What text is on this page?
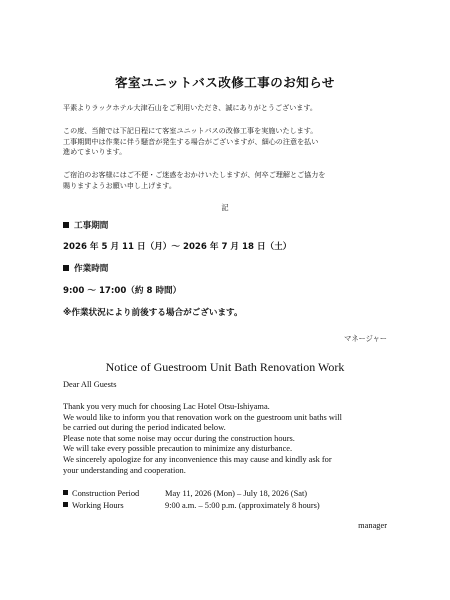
客室ユニットバス改修工事のお知らせ
平素よりラックホテル大津石山をご利用いただき、誠にありがとうございます。
この度、当館では下記日程にて客室ユニットバスの改修工事を実施いたします。
工事期間中は作業に伴う騒音が発生する場合がございますが、細心の注意を払い
進めてまいります。
ご宿泊のお客様にはご不便・ご迷惑をおかけいたしますが、何卒ご理解とご協力を
賜りますようお願い申し上げます。
記
工事期間
2026 年 5 月 11 日（月）〜 2026 年 7 月 18 日（土）
作業時間
9:00 〜 17:00（約 8 時間）
※作業状況により前後する場合がございます。
マネージャー
Notice of Guestroom Unit Bath Renovation Work
Dear All Guests
Thank you very much for choosing Lac Hotel Otsu-Ishiyama.
We would like to inform you that renovation work on the guestroom unit baths will
be carried out during the period indicated below.
Please note that some noise may occur during the construction hours.
We will take every possible precaution to minimize any disturbance.
We sincerely apologize for any inconvenience this may cause and kindly ask for
your understanding and cooperation.
Construction Period	May 11, 2026 (Mon) – July 18, 2026 (Sat)
Working Hours	9:00 a.m. – 5:00 p.m. (approximately 8 hours)
manager
